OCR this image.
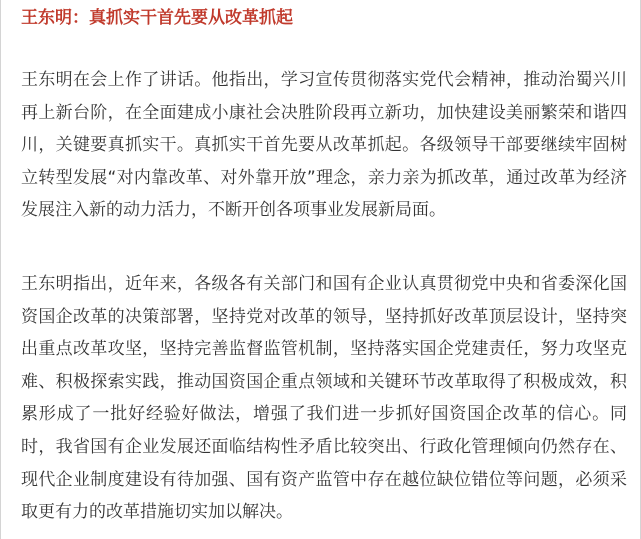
王东明：真抓实干首先要从改革抓起

王东明在会上作了讲话。他指出，学习宣传贯彻落实党代会精神，推动治蜀兴川再上新台阶，在全面建成小康社会决胜阶段再立新功，加快建设美丽繁荣和谐四川，关键要真抓实干。真抓实干首先要从改革抓起。各级领导干部要继续牢固树立转型发展“对内靠改革、对外靠开放”理念，亲力亲为抓改革，通过改革为经济发展注入新的动力活力，不断开创各项事业发展新局面。

王东明指出，近年来，各级各有关部门和国有企业认真贯彻党中央和省委深化国资国企改革的决策部署，坚持党对改革的领导，坚持抓好改革顶层设计，坚持突出重点改革攻坚，坚持完善监督监管机制，坚持落实国企党建责任，努力攻坚克难、积极探索实践，推动国资国企重点领域和关键环节改革取得了积极成效，积累形成了一批好经验好做法，增强了我们进一步抓好国资国企改革的信心。同时，我省国有企业发展还面临结构性矛盾比较突出、行政化管理倾向仍然存在、现代企业制度建设有待加强、国有资产监管中存在越位缺位错位等问题，必须采取更有力的改革措施切实加以解决。
